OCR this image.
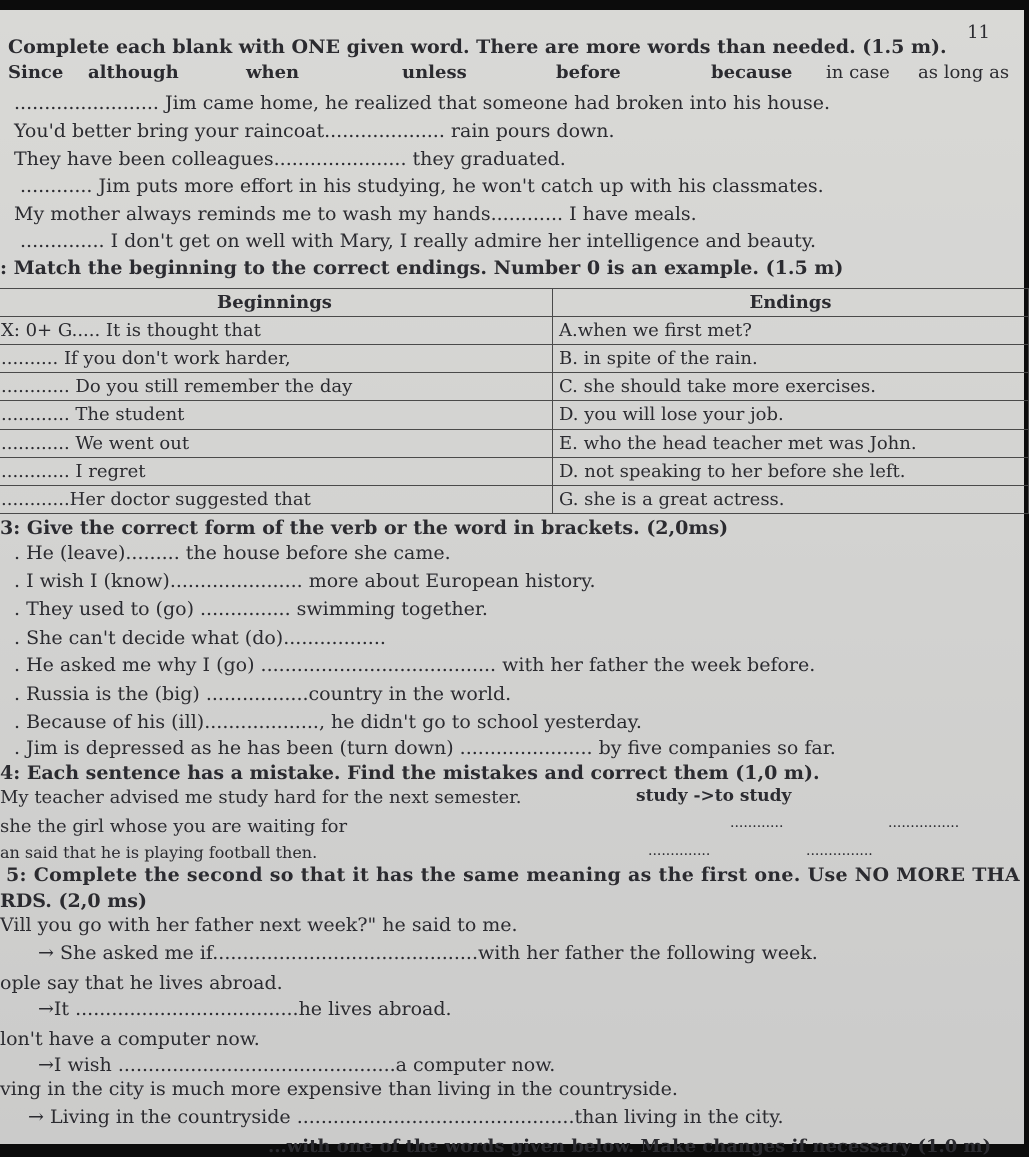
11
Complete each blank with ONE given word. There are more words than needed. (1.5 m).
Since although	when	unless	before	because in case as long as
........................ Jim came home, he realized that someone had broken into his house.
You'd better bring your raincoat.................... rain pours down.
They have been colleagues...................... they graduated.
............ Jim puts more effort in his studying, he won't catch up with his classmates.
My mother always reminds me to wash my hands............ I have meals.
.............. I don't get on well with Mary, I really admire her intelligence and beauty.
: Match the beginning to the correct endings. Number 0 is an example. (1.5 m)
Beginnings	Endings
X: 0+ G..... It is thought that	A.when we first met?
.......... If you don't work harder,	B. in spite of the rain.
............ Do you still remember the day	C. she should take more exercises.
............ The student	D. you will lose your job.
............ We went out	E. who the head teacher met was John.
............ I regret	D. not speaking to her before she left.
............Her doctor suggested that	G. she is a great actress.
3: Give the correct form of the verb or the word in brackets. (2,0ms)
. He (leave)......... the house before she came.
. I wish I (know)...................... more about European history.
. They used to (go) ............... swimming together.
. She can't decide what (do).................
. He asked me why I (go) ....................................... with her father the week before.
. Russia is the (big) .................country in the world.
. Because of his (ill)..................., he didn't go to school yesterday.
. Jim is depressed as he has been (turn down) ...................... by five companies so far.
4: Each sentence has a mistake. Find the mistakes and correct them (1,0 m).
My teacher advised me study hard for the next semester.	study ->to study
she the girl whose you are waiting for	............	................
an said that he is playing football then.	..............	...............
5: Complete the second so that it has the same meaning as the first one. Use NO MORE THA
RDS. (2,0 ms)
Vill you go with her father next week?" he said to me.
→ She asked me if............................................with her father the following week.
ople say that he lives abroad.
→It .....................................he lives abroad.
lon't have a computer now.
→I wish ..............................................a computer now.
ving in the city is much more expensive than living in the countryside.
→ Living in the countryside ..............................................than living in the city.
...with one of the words given below. Make changes if necessary (1.0 m)
